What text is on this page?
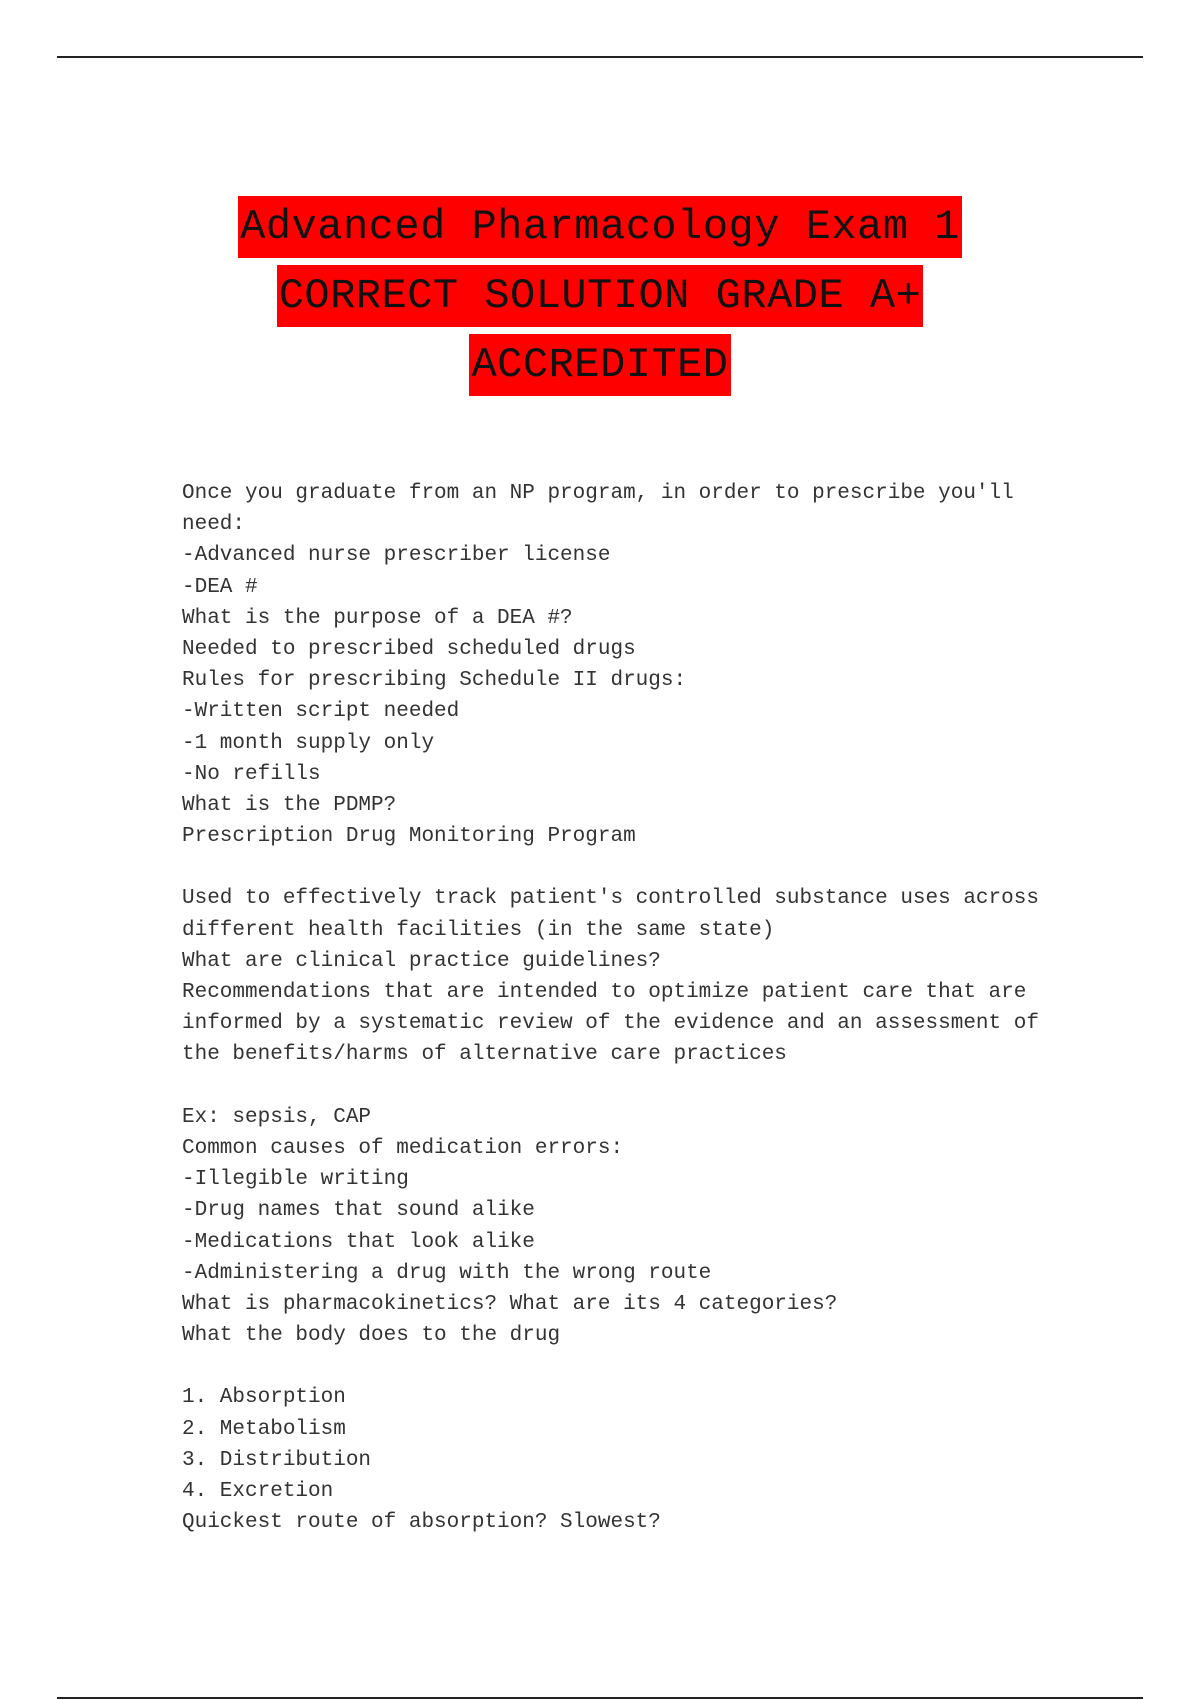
Advanced Pharmacology Exam 1
CORRECT SOLUTION GRADE A+
ACCREDITED
Once you graduate from an NP program, in order to prescribe you'll
need:
-Advanced nurse prescriber license
-DEA #
What is the purpose of a DEA #?
Needed to prescribed scheduled drugs
Rules for prescribing Schedule II drugs:
-Written script needed
-1 month supply only
-No refills
What is the PDMP?
Prescription Drug Monitoring Program
Used to effectively track patient's controlled substance uses across
different health facilities (in the same state)
What are clinical practice guidelines?
Recommendations that are intended to optimize patient care that are
informed by a systematic review of the evidence and an assessment of
the benefits/harms of alternative care practices
Ex: sepsis, CAP
Common causes of medication errors:
-Illegible writing
-Drug names that sound alike
-Medications that look alike
-Administering a drug with the wrong route
What is pharmacokinetics? What are its 4 categories?
What the body does to the drug
1. Absorption
2. Metabolism
3. Distribution
4. Excretion
Quickest route of absorption? Slowest?
